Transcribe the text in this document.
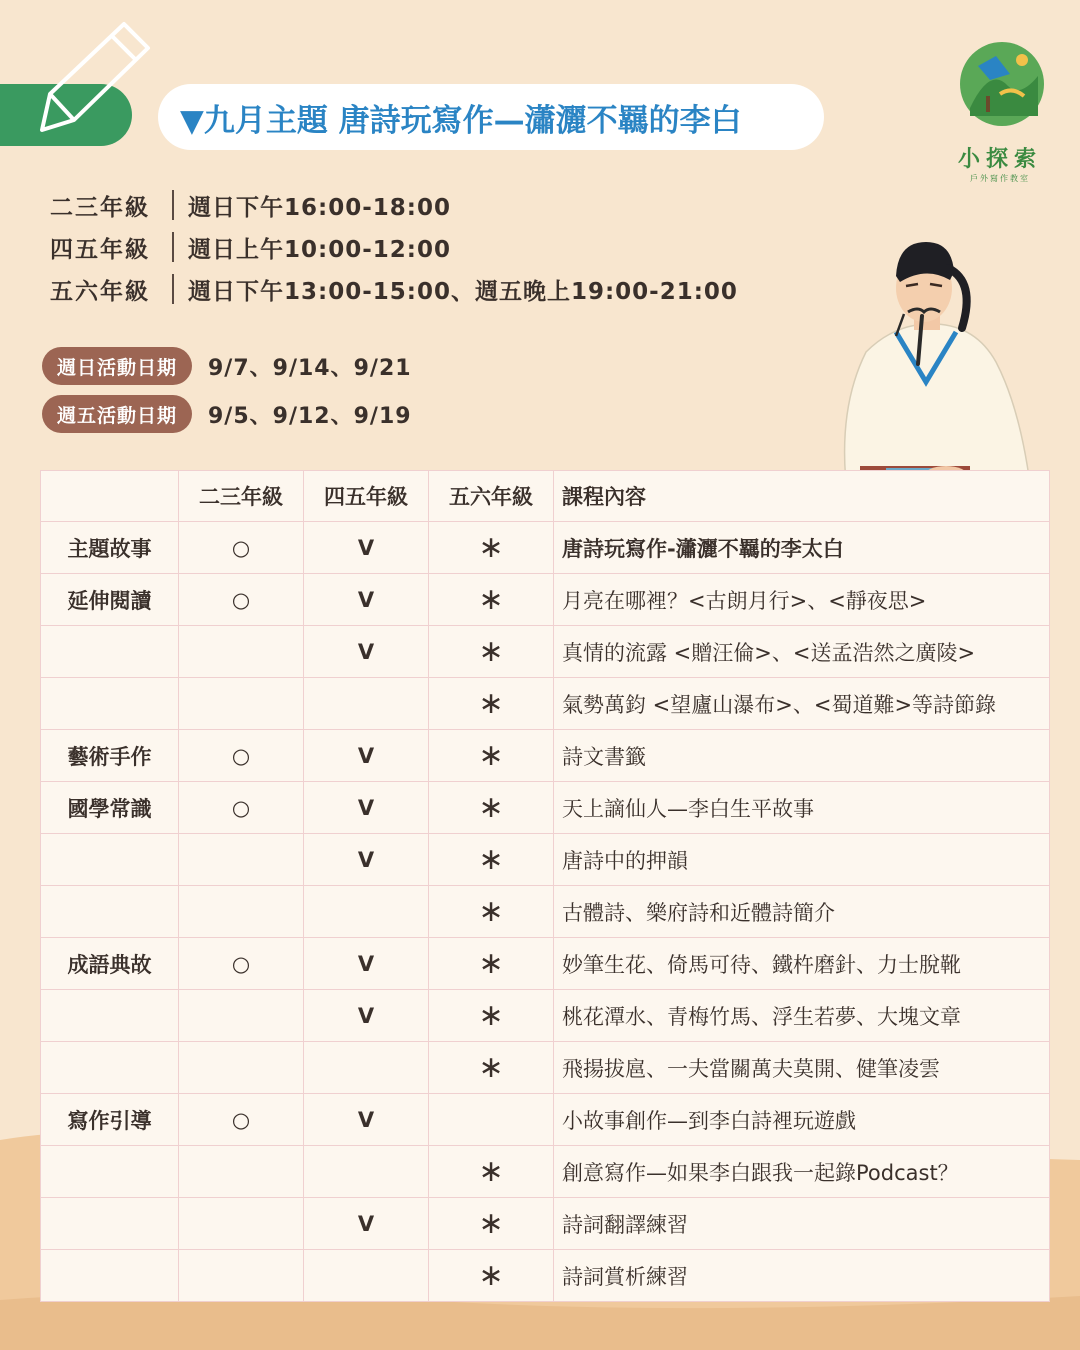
▼九月主題 唐詩玩寫作—瀟灑不羈的李白
小探索
戶外寫作教室
二三年級	週日下午16:00-18:00
四五年級	週日上午10:00-12:00
五六年級	週日下午13:00-15:00、週五晚上19:00-21:00
週日活動日期	9/7、9/14、9/21
週五活動日期	9/5、9/12、9/19
	二三年級	四五年級	五六年級	課程內容
主題故事	○	V	∗	唐詩玩寫作-瀟灑不羈的李太白
延伸閱讀	○	V	∗	月亮在哪裡？<古朗月行>、<靜夜思>
		V	∗	真情的流露 <贈汪倫>、<送孟浩然之廣陵>
			∗	氣勢萬鈞 <望廬山瀑布>、<蜀道難>等詩節錄
藝術手作	○	V	∗	詩文書籤
國學常識	○	V	∗	天上謫仙人—李白生平故事
		V	∗	唐詩中的押韻
			∗	古體詩、樂府詩和近體詩簡介
成語典故	○	V	∗	妙筆生花、倚馬可待、鐵杵磨針、力士脫靴
		V	∗	桃花潭水、青梅竹馬、浮生若夢、大塊文章
			∗	飛揚拔扈、一夫當關萬夫莫開、健筆凌雲
寫作引導	○	V		小故事創作—到李白詩裡玩遊戲
			∗	創意寫作—如果李白跟我一起錄Podcast？
		V	∗	詩詞翻譯練習
			∗	詩詞賞析練習
